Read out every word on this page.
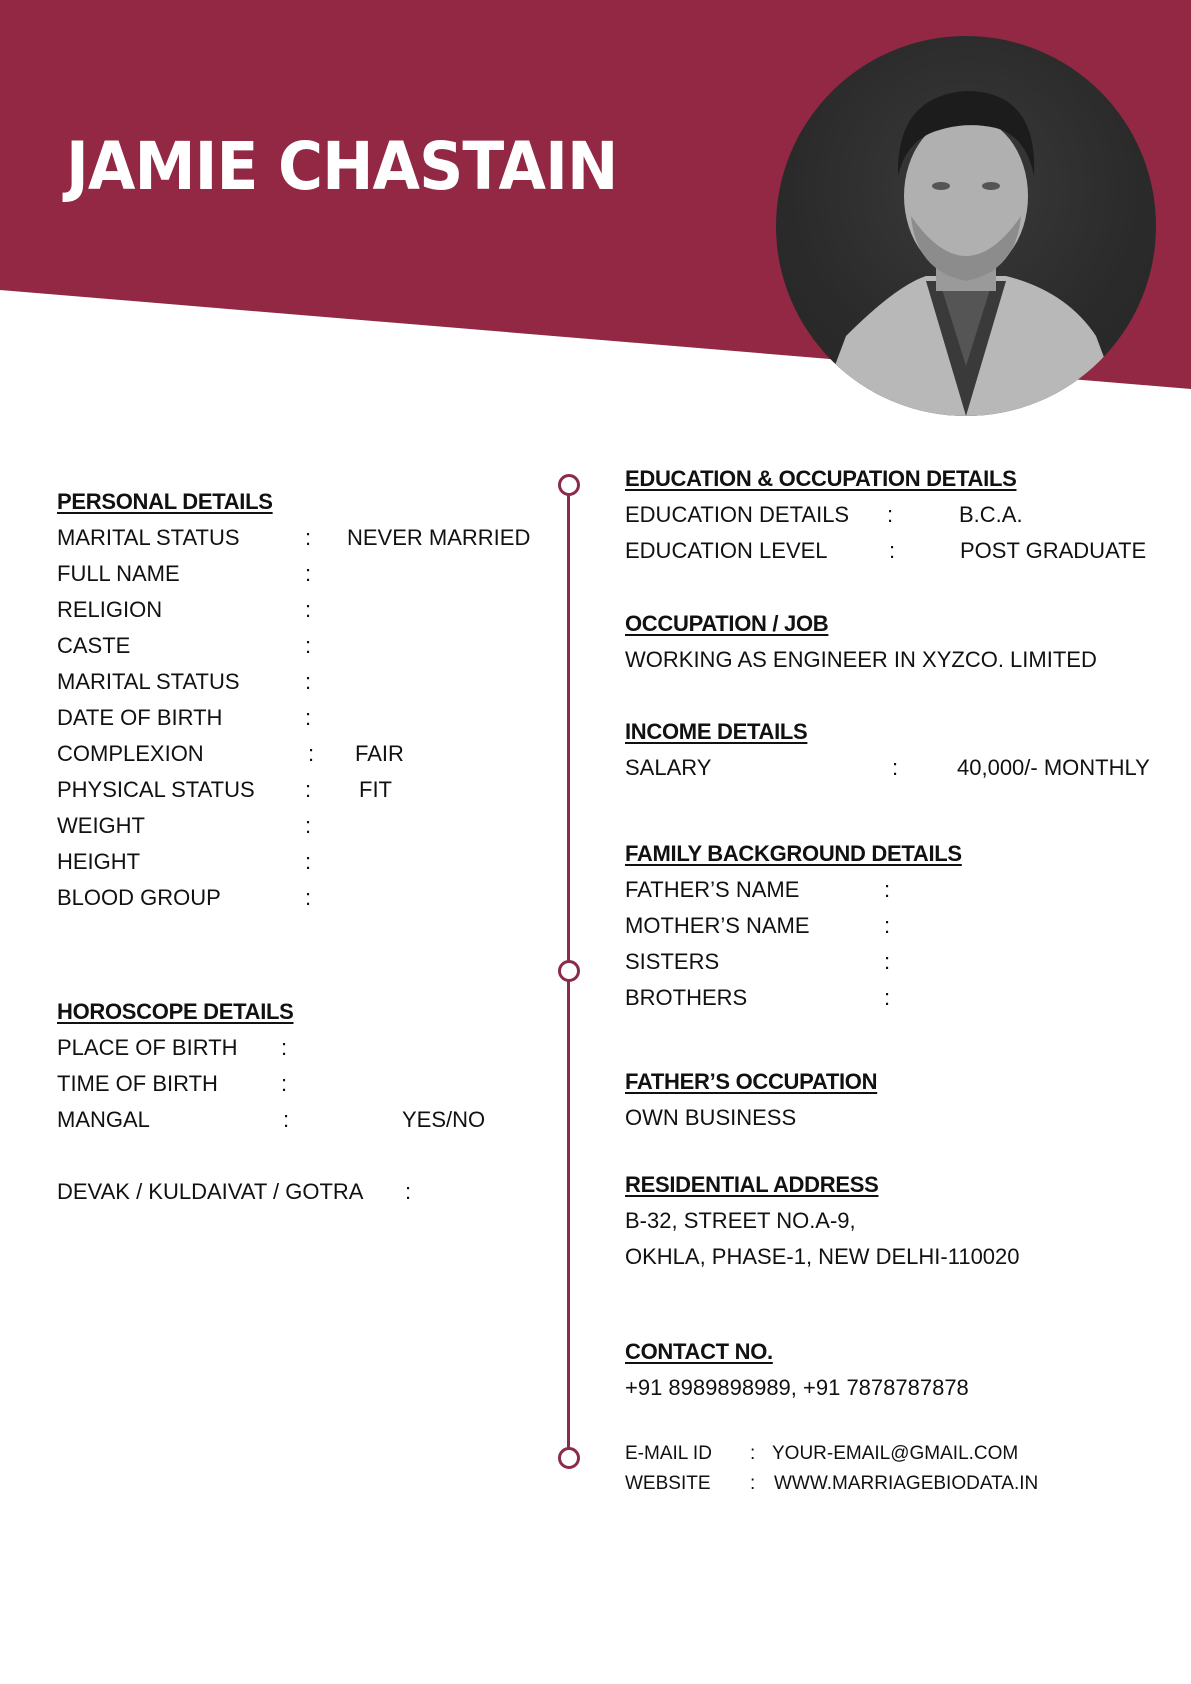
JAMIE CHASTAIN
PERSONAL DETAILS
MARITAL STATUS	: NEVER MARRIED
FULL NAME	:
RELIGION	:
CASTE	:
MARITAL STATUS	:
DATE OF BIRTH	:
COMPLEXION	: FAIR
PHYSICAL STATUS : FIT
WEIGHT	:
HEIGHT	:
BLOOD GROUP	:
HOROSCOPE DETAILS
PLACE OF BIRTH :
TIME OF BIRTH	:
MANGAL	:	YES/NO
DEVAK / KULDAIVAT / GOTRA :
EDUCATION & OCCUPATION DETAILS
EDUCATION DETAILS :	B.C.A.
EDUCATION LEVEL	:	POST GRADUATE
OCCUPATION / JOB
WORKING AS ENGINEER IN XYZCO. LIMITED
INCOME DETAILS
SALARY	:	40,000/- MONTHLY
FAMILY BACKGROUND DETAILS
FATHER’S NAME	:
MOTHER’S NAME	:
SISTERS	:
BROTHERS	:
FATHER’S OCCUPATION
OWN BUSINESS
RESIDENTIAL ADDRESS
B-32, STREET NO.A-9,
OKHLA, PHASE-1, NEW DELHI-110020
CONTACT NO.
+91 8989898989, +91 7878787878
E-MAIL ID : YOUR-EMAIL@GMAIL.COM
WEBSITE : WWW.MARRIAGEBIODATA.IN
